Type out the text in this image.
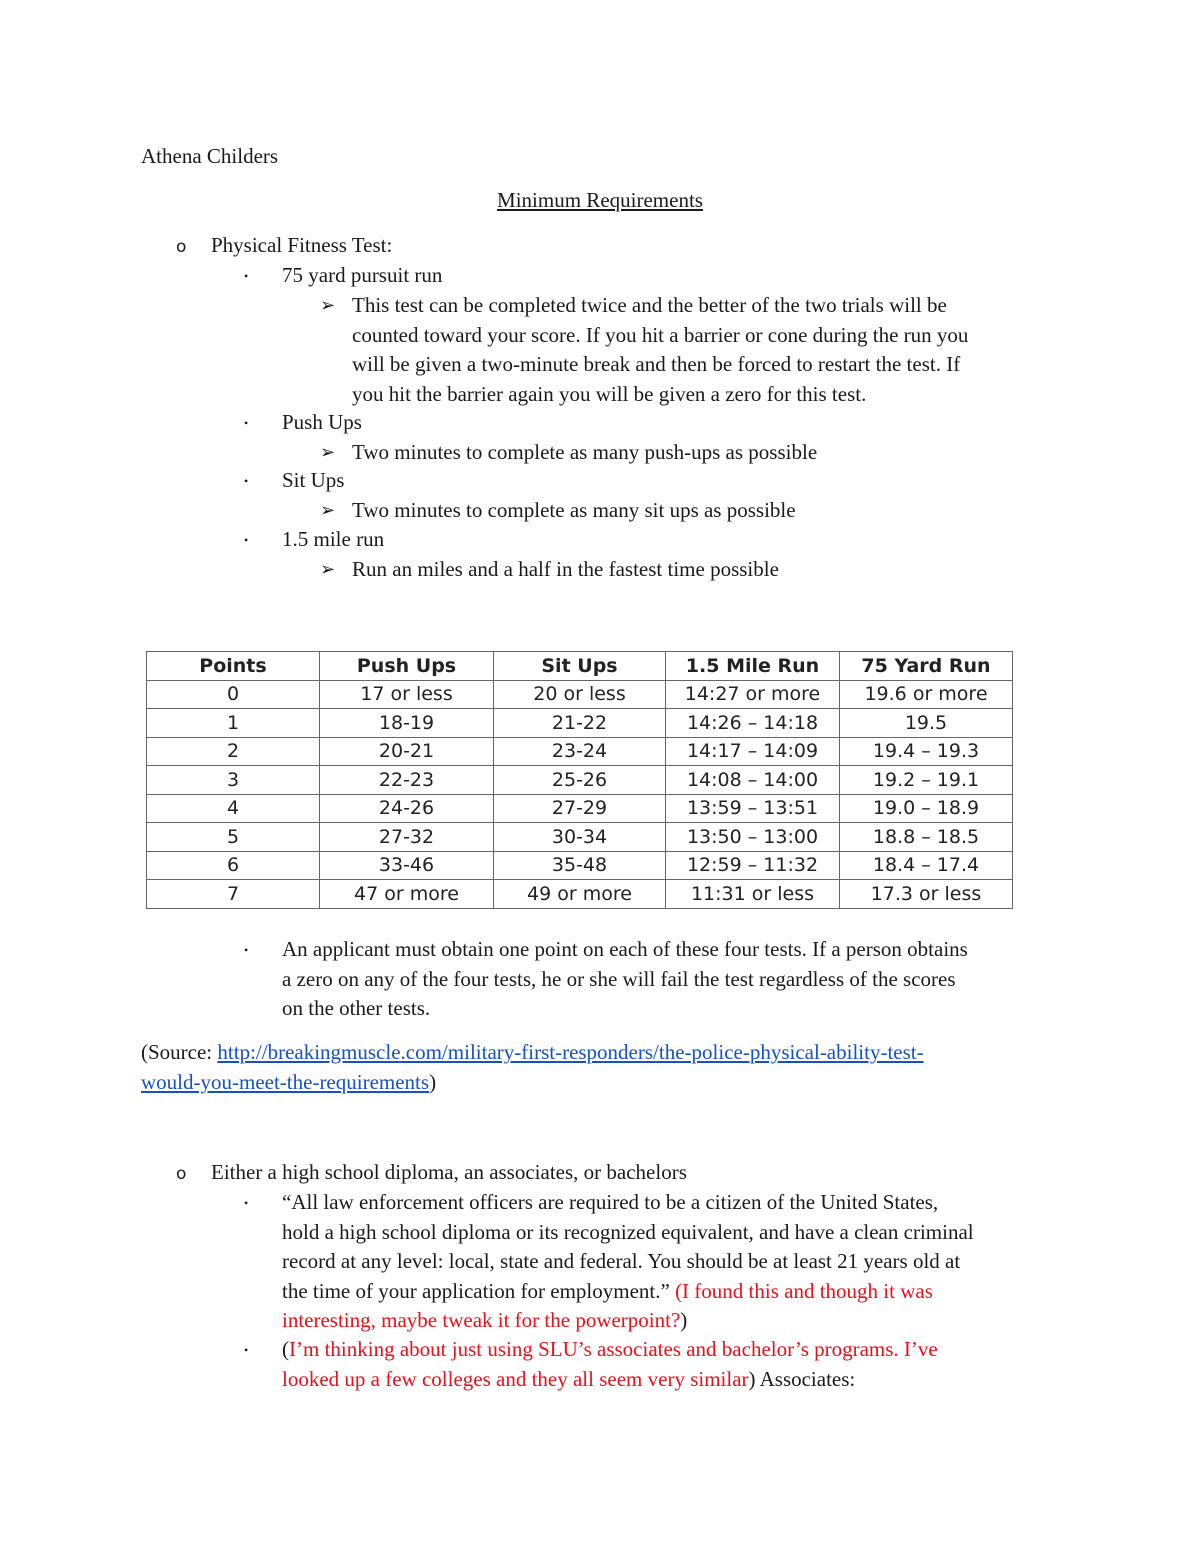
Athena Childers
Minimum Requirements
o Physical Fitness Test:
• 75 yard pursuit run
➢ This test can be completed twice and the better of the two trials will be
counted toward your score. If you hit a barrier or cone during the run you
will be given a two-minute break and then be forced to restart the test. If
you hit the barrier again you will be given a zero for this test.
• Push Ups
➢ Two minutes to complete as many push-ups as possible
• Sit Ups
➢ Two minutes to complete as many sit ups as possible
• 1.5 mile run
➢ Run an miles and a half in the fastest time possible
Points	Push Ups	Sit Ups	1.5 Mile Run	75 Yard Run
0	17 or less	20 or less	14:27 or more	19.6 or more
1	18-19	21-22	14:26 – 14:18	19.5
2	20-21	23-24	14:17 – 14:09	19.4 – 19.3
3	22-23	25-26	14:08 – 14:00	19.2 – 19.1
4	24-26	27-29	13:59 – 13:51	19.0 – 18.9
5	27-32	30-34	13:50 – 13:00	18.8 – 18.5
6	33-46	35-48	12:59 – 11:32	18.4 – 17.4
7	47 or more	49 or more	11:31 or less	17.3 or less
• An applicant must obtain one point on each of these four tests. If a person obtains
a zero on any of the four tests, he or she will fail the test regardless of the scores
on the other tests.
(Source: http://breakingmuscle.com/military-first-responders/the-police-physical-ability-test-
would-you-meet-the-requirements)
o Either a high school diploma, an associates, or bachelors
• “All law enforcement officers are required to be a citizen of the United States,
hold a high school diploma or its recognized equivalent, and have a clean criminal
record at any level: local, state and federal. You should be at least 21 years old at
the time of your application for employment.” (I found this and though it was
interesting, maybe tweak it for the powerpoint?)
• (I’m thinking about just using SLU’s associates and bachelor’s programs. I’ve
looked up a few colleges and they all seem very similar) Associates:
